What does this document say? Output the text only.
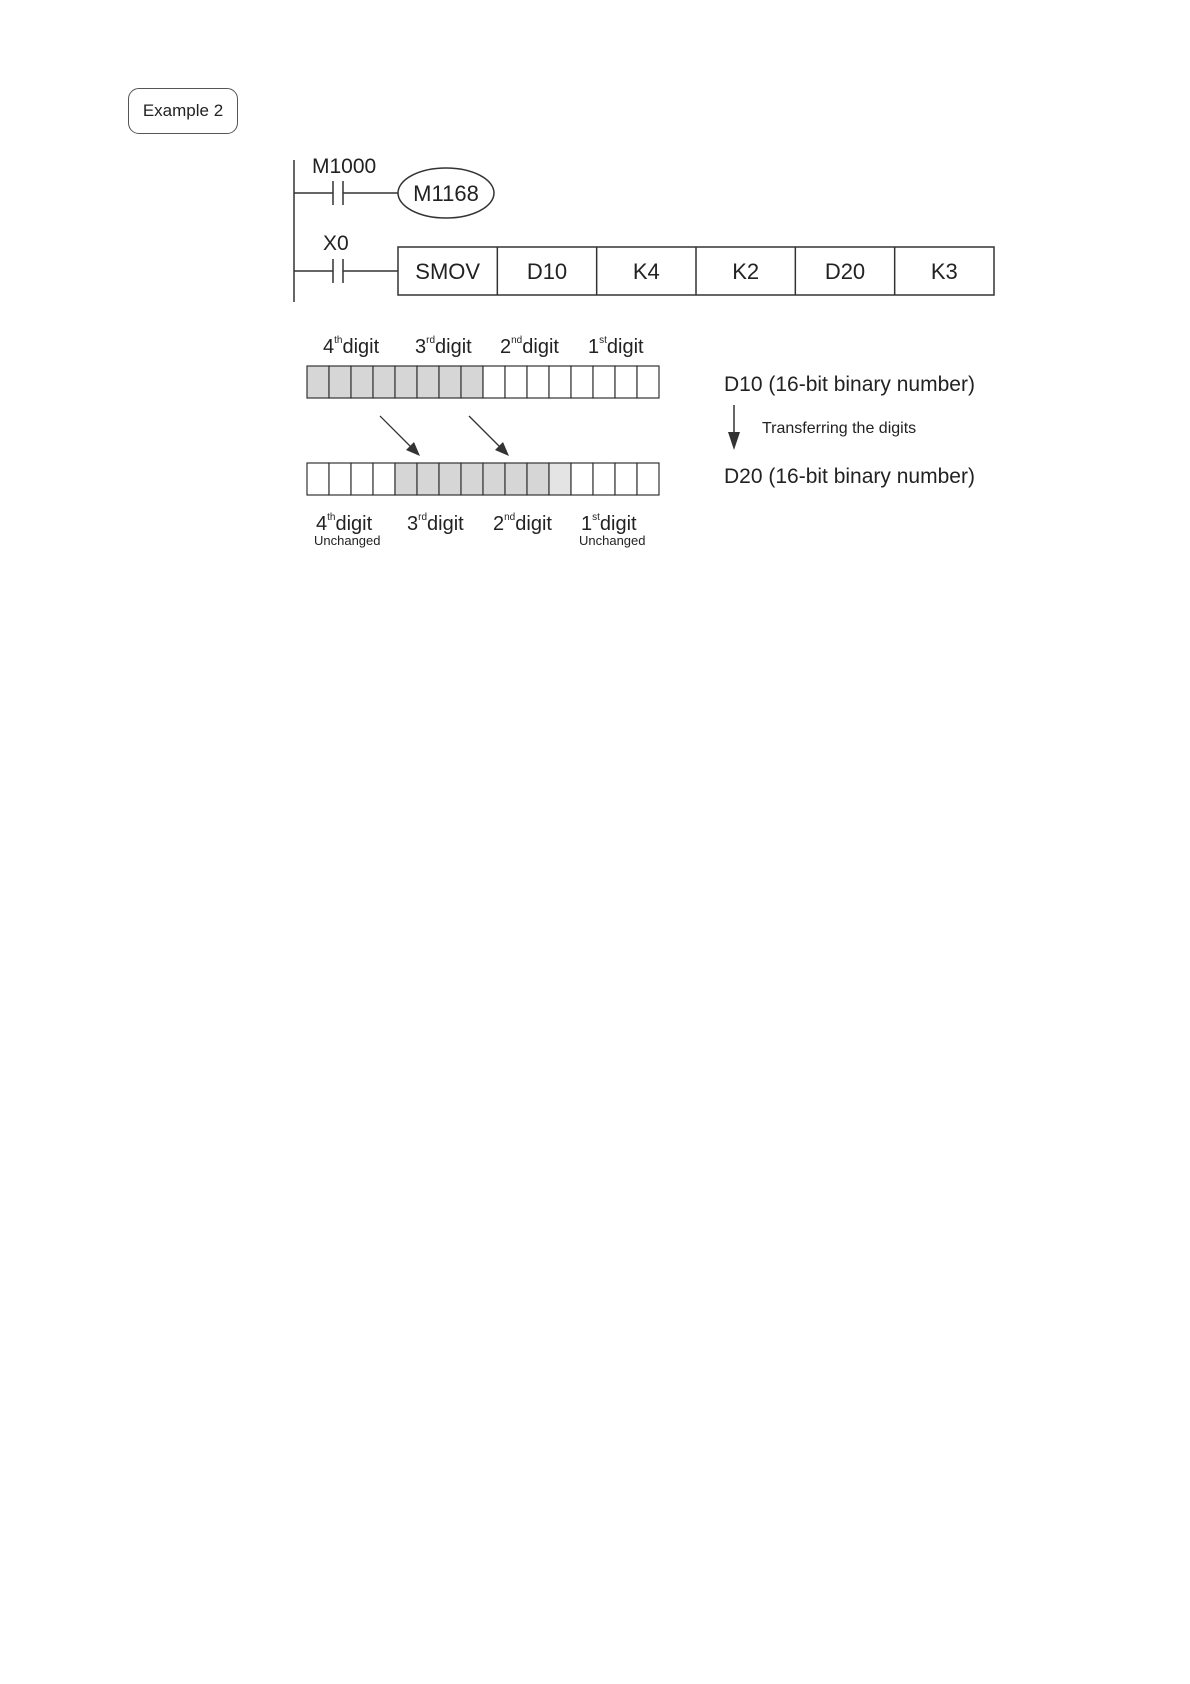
Example 2
M1000
M1168
X0
SMOV D10	K4	K2	D20	K3
4thdigit 3rddigit 2nddigit 1stdigit
4thdigit
Unchanged
3rddigit 2nddigit 1stdigit
Unchanged
D10 (16-bit binary number)
Transferring the digits
D20 (16-bit binary number)
